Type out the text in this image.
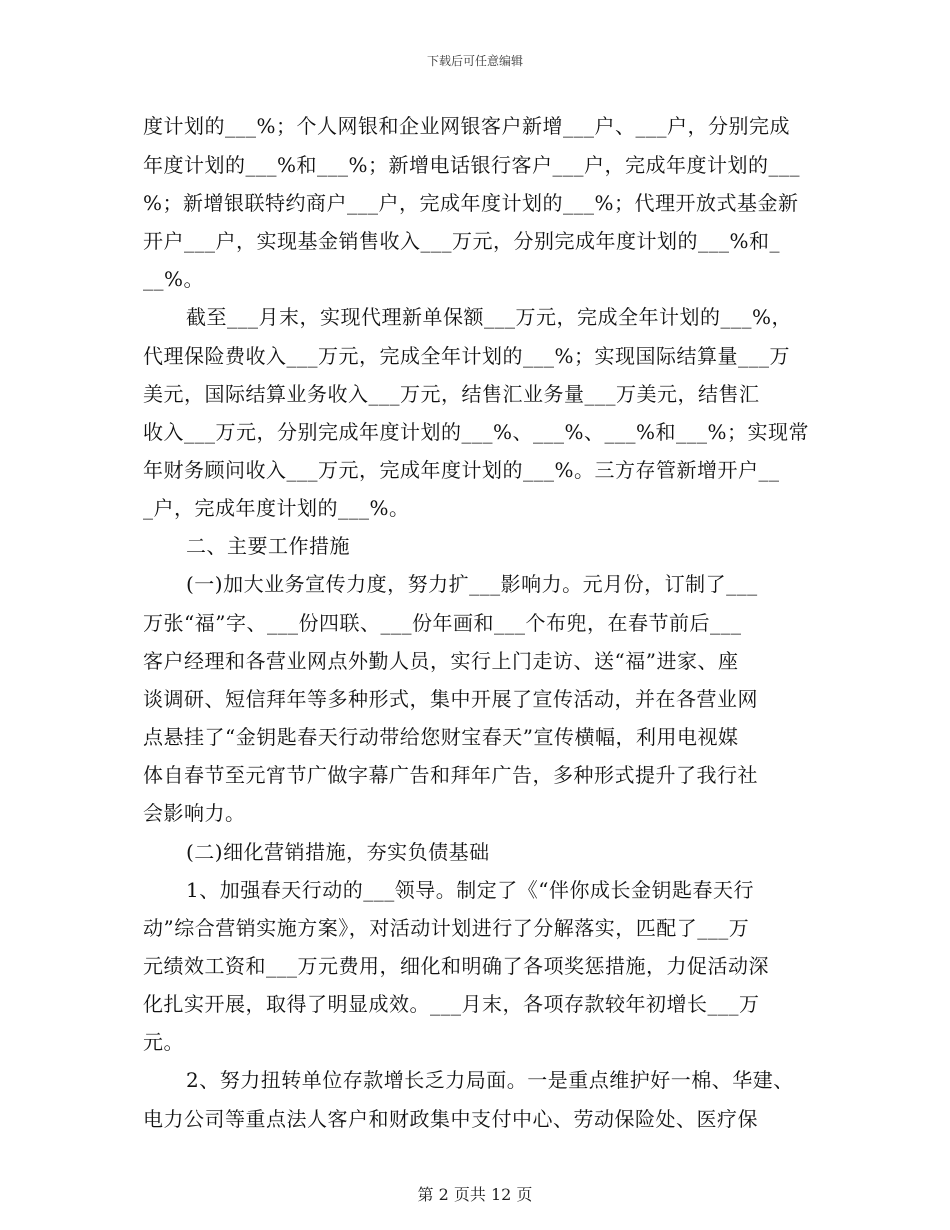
下载后可任意编辑
度计划的___%；个人网银和企业网银客户新增___户、___户，分别完成
年度计划的___%和___%；新增电话银行客户___户，完成年度计划的___
%；新增银联特约商户___户，完成年度计划的___%；代理开放式基金新
开户___户，实现基金销售收入___万元，分别完成年度计划的___%和_
__%。
截至___月末，实现代理新单保额___万元，完成全年计划的___%，
代理保险费收入___万元，完成全年计划的___%；实现国际结算量___万
美元，国际结算业务收入___万元，结售汇业务量___万美元，结售汇
收入___万元，分别完成年度计划的___%、___%、___%和___%；实现常
年财务顾问收入___万元，完成年度计划的___%。三方存管新增开户__
_户，完成年度计划的___%。
二、主要工作措施
(一)加大业务宣传力度，努力扩___影响力。元月份，订制了___
万张“福”字、___份四联、___份年画和___个布兜，在春节前后___
客户经理和各营业网点外勤人员，实行上门走访、送“福”进家、座
谈调研、短信拜年等多种形式，集中开展了宣传活动，并在各营业网
点悬挂了“金钥匙春天行动带给您财宝春天”宣传横幅，利用电视媒
体自春节至元宵节广做字幕广告和拜年广告，多种形式提升了我行社
会影响力。
(二)细化营销措施，夯实负债基础
1、加强春天行动的___领导。制定了《“伴你成长金钥匙春天行
动”综合营销实施方案》，对活动计划进行了分解落实，匹配了___万
元绩效工资和___万元费用，细化和明确了各项奖惩措施，力促活动深
化扎实开展，取得了明显成效。___月末，各项存款较年初增长___万
元。
2、努力扭转单位存款增长乏力局面。一是重点维护好一棉、华建、
电力公司等重点法人客户和财政集中支付中心、劳动保险处、医疗保
第 2 页共 12 页
